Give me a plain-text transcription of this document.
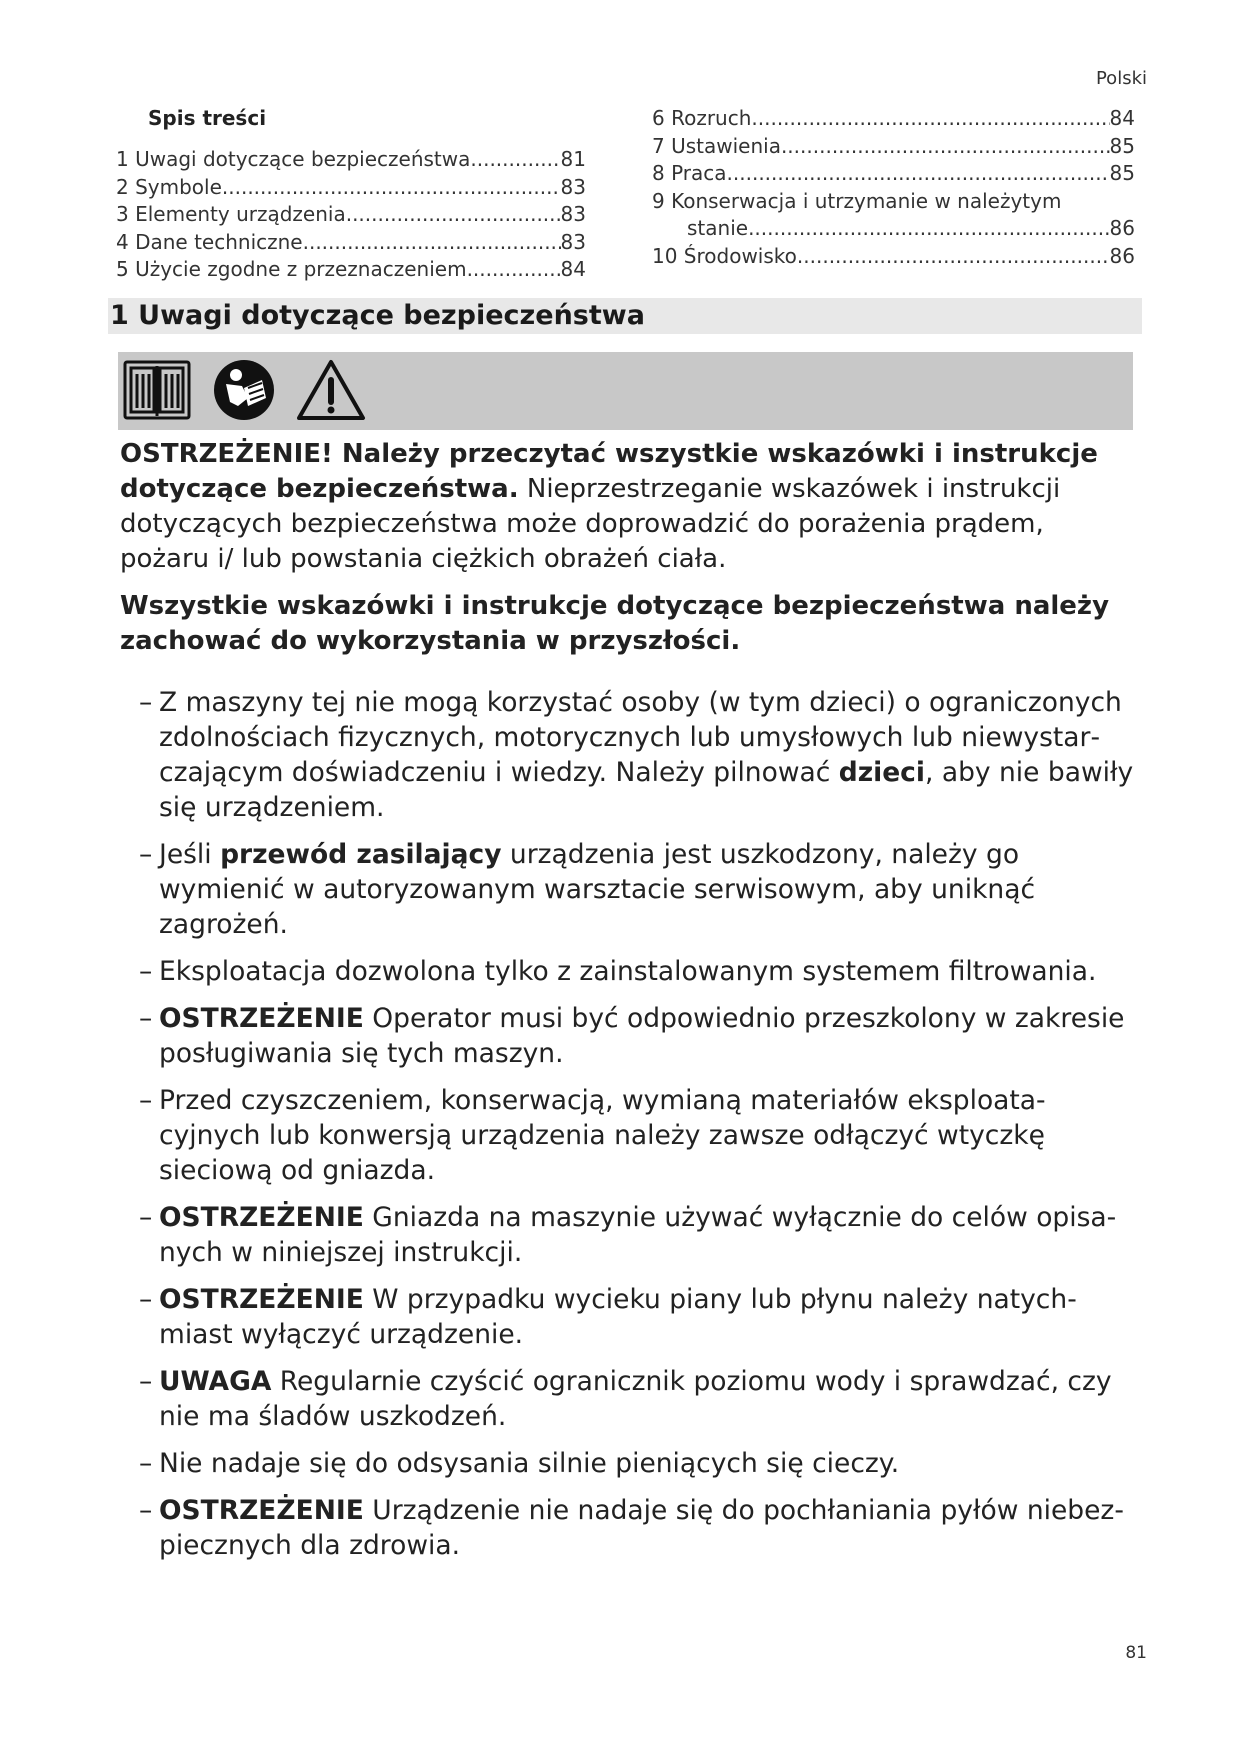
Polski
Spis treści
1 Uwagi dotyczące bezpieczeństwa .....	81
2 Symbole .....	83
3 Elementy urządzenia .....	83
4 Dane techniczne .....	83
5 Użycie zgodne z przeznaczeniem .....	84
6 Rozruch .....	84
7 Ustawienia .....	85
8 Praca .....	85
9 Konserwacja i utrzymanie w należytym
stanie .....	86
10 Środowisko .....	86
1 Uwagi dotyczące bezpieczeństwa

OSTRZEŻENIE! Należy przeczytać wszystkie wskazówki i instrukcje dotyczące bezpieczeństwa. Nieprzestrzeganie wskazówek i instrukcji dotyczących bezpieczeństwa może doprowadzić do porażenia prądem, pożaru i/ lub powstania ciężkich obrażeń ciała.

Wszystkie wskazówki i instrukcje dotyczące bezpieczeństwa należy zachować do wykorzystania w przyszłości.

– Z maszyny tej nie mogą korzystać osoby (w tym dzieci) o ograniczonych zdolnościach fizycznych, motorycznych lub umysłowych lub niewystarczającym doświadczeniu i wiedzy. Należy pilnować dzieci, aby nie bawiły się urządzeniem.
– Jeśli przewód zasilający urządzenia jest uszkodzony, należy go wymienić w autoryzowanym warsztacie serwisowym, aby uniknąć zagrożeń.
– Eksploatacja dozwolona tylko z zainstalowanym systemem filtrowania.
– OSTRZEŻENIE Operator musi być odpowiednio przeszkolony w zakresie posługiwania się tych maszyn.
– Przed czyszczeniem, konserwacją, wymianą materiałów eksploatacyjnych lub konwersją urządzenia należy zawsze odłączyć wtyczkę sieciową od gniazda.
– OSTRZEŻENIE Gniazda na maszynie używać wyłącznie do celów opisanych w niniejszej instrukcji.
– OSTRZEŻENIE W przypadku wycieku piany lub płynu należy natychmiast wyłączyć urządzenie.
– UWAGA Regularnie czyścić ogranicznik poziomu wody i sprawdzać, czy nie ma śladów uszkodzeń.
– Nie nadaje się do odsysania silnie pieniących się cieczy.
– OSTRZEŻENIE Urządzenie nie nadaje się do pochłaniania pyłów niebezpiecznych dla zdrowia.
81
